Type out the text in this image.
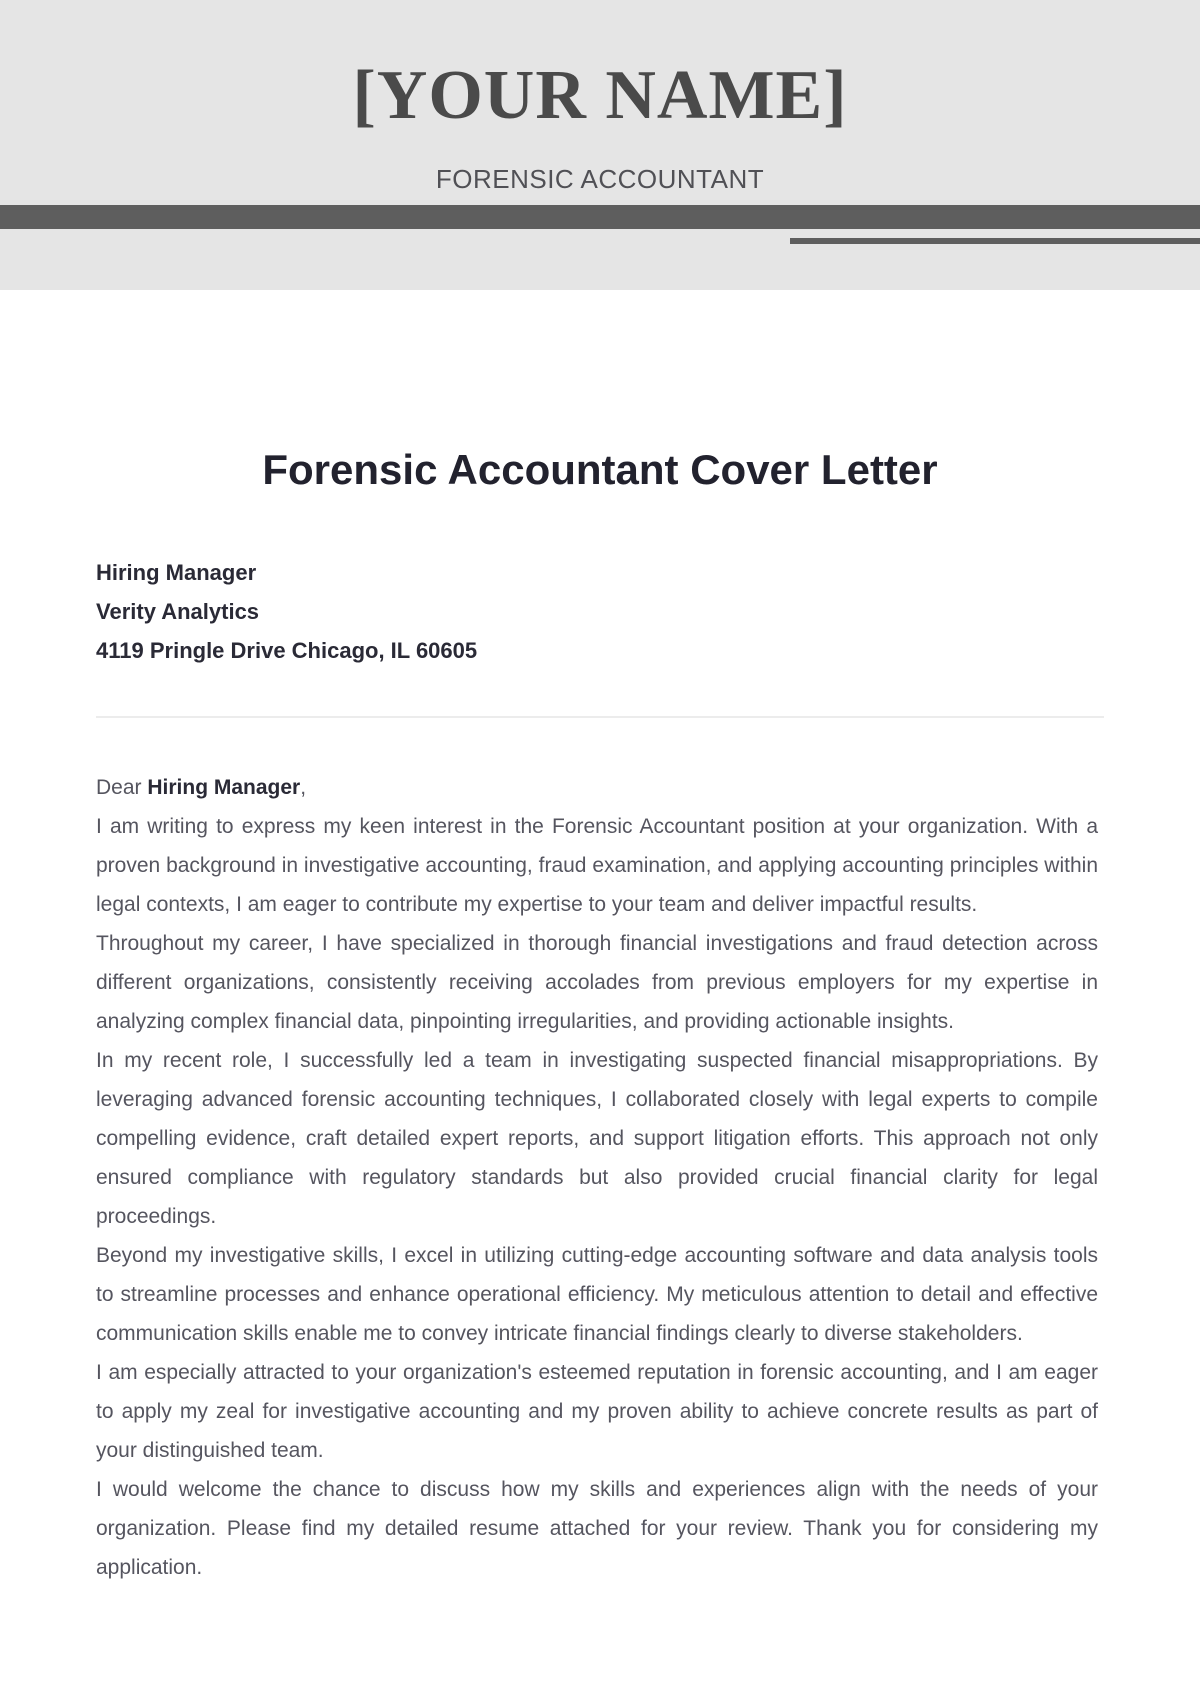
[YOUR NAME]
FORENSIC ACCOUNTANT
Forensic Accountant Cover Letter
Hiring Manager
Verity Analytics
4119 Pringle Drive Chicago, IL 60605

Dear Hiring Manager,

I am writing to express my keen interest in the Forensic Accountant position at your organization. With a proven background in investigative accounting, fraud examination, and applying accounting principles within legal contexts, I am eager to contribute my expertise to your team and deliver impactful results.

Throughout my career, I have specialized in thorough financial investigations and fraud detection across different organizations, consistently receiving accolades from previous employers for my expertise in analyzing complex financial data, pinpointing irregularities, and providing actionable insights.

In my recent role, I successfully led a team in investigating suspected financial misappropriations. By leveraging advanced forensic accounting techniques, I collaborated closely with legal experts to compile compelling evidence, craft detailed expert reports, and support litigation efforts. This approach not only ensured compliance with regulatory standards but also provided crucial financial clarity for legal proceedings.

Beyond my investigative skills, I excel in utilizing cutting-edge accounting software and data analysis tools to streamline processes and enhance operational efficiency. My meticulous attention to detail and effective communication skills enable me to convey intricate financial findings clearly to diverse stakeholders.

I am especially attracted to your organization's esteemed reputation in forensic accounting, and I am eager to apply my zeal for investigative accounting and my proven ability to achieve concrete results as part of your distinguished team.

I would welcome the chance to discuss how my skills and experiences align with the needs of your organization. Please find my detailed resume attached for your review. Thank you for considering my application.
